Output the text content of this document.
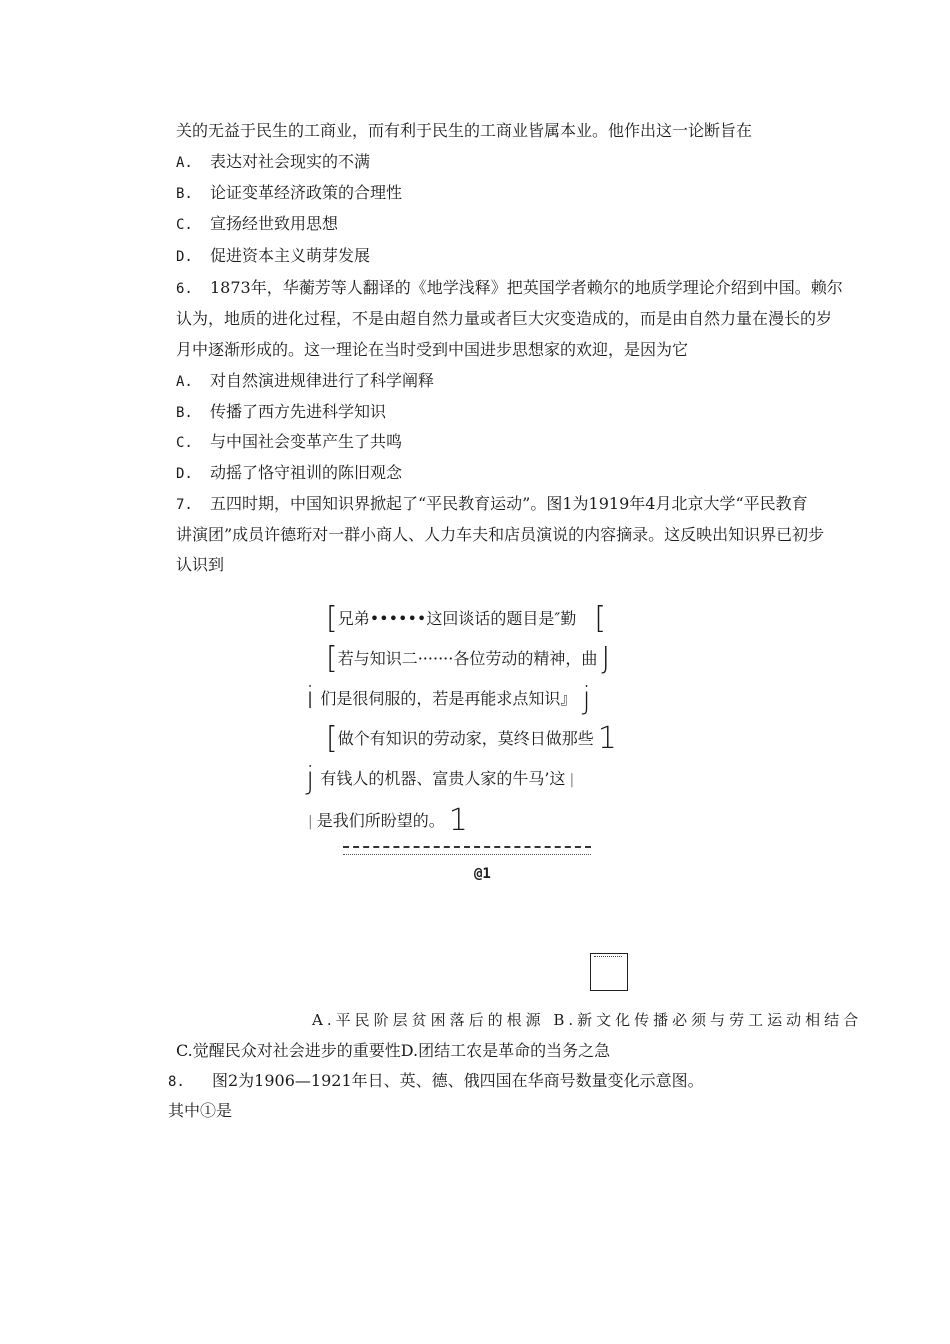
关的无益于民生的工商业，而有利于民生的工商业皆属本业。他作出这一论断旨在
A. 表达对社会现实的不满
B. 论证变革经济政策的合理性
C. 宣扬经世致用思想
D. 促进资本主义萌芽发展
6. 1873年，华蘅芳等人翻译的《地学浅释》把英国学者赖尔的地质学理论介绍到中国。赖尔
认为，地质的进化过程，不是由超自然力量或者巨大灾变造成的，而是由自然力量在漫长的岁
月中逐渐形成的。这一理论在当时受到中国进步思想家的欢迎，是因为它
A. 对自然演进规律进行了科学阐释
B. 传播了西方先进科学知识
C. 与中国社会变革产生了共鸣
D. 动摇了恪守祖训的陈旧观念
7. 五四时期，中国知识界掀起了“平民教育运动”。图1为1919年4月北京大学“平民教育
讲演团”成员许德珩对一群小商人、人力车夫和店员演说的内容摘录。这反映出知识界已初步
认识到
[兄弟••••••这回谈话的题目是″勤 [
[若与知识二·······各位劳动的精神，曲 J
i们是很伺服的，若是再能求点知识』 j
[做个有知识的劳动家，莫终日做那些 1
j有钱人的机器、富贵人家的牛马’这 |
| 是我们所盼望的。 1
@1
A.平民阶层贫困落后的根源 B.新文化传播必须与劳工运动相结合
C.觉醒民众对社会进步的重要性D.团结工农是革命的当务之急
8. 图2为1906—1921年日、英、德、俄四国在华商号数量变化示意图。
其中①是
